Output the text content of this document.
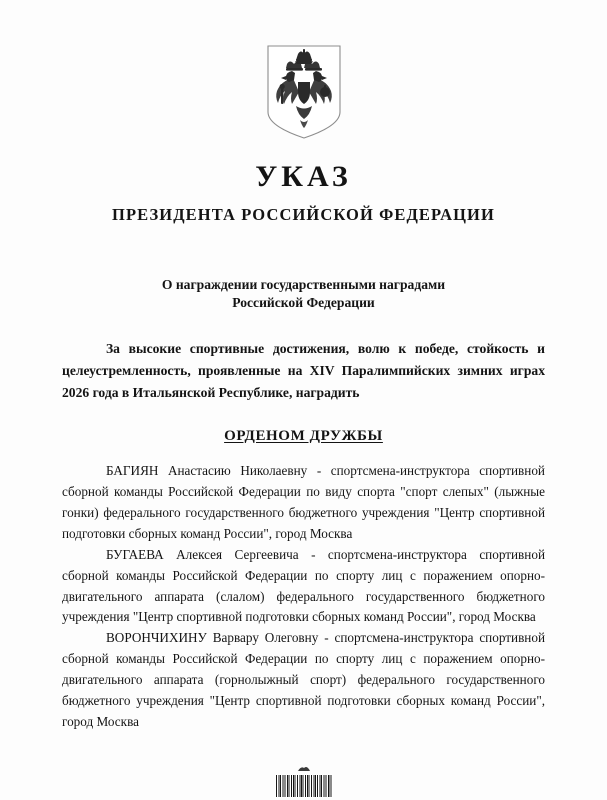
УКАЗ
ПРЕЗИДЕНТА РОССИЙСКОЙ ФЕДЕРАЦИИ
О награждении государственными наградами
Российской Федерации
За высокие спортивные достижения, волю к победе, стойкость и целеустремленность, проявленные на XIV Паралимпийских зимних играх 2026 года в Итальянской Республике, наградить
ОРДЕНОМ ДРУЖБЫ

БАГИЯН Анастасию Николаевну - спортсмена-инструктора спортивной сборной команды Российской Федерации по виду спорта "спорт слепых" (лыжные гонки) федерального государственного бюджетного учреждения "Центр спортивной подготовки сборных команд России", город Москва

БУГАЕВА Алексея Сергеевича - спортсмена-инструктора спортивной сборной команды Российской Федерации по спорту лиц с поражением опорно-двигательного аппарата (слалом) федерального государственного бюджетного учреждения "Центр спортивной подготовки сборных команд России", город Москва

ВОРОНЧИХИНУ Варвару Олеговну - спортсмена-инструктора спортивной сборной команды Российской Федерации по спорту лиц с поражением опорно-двигательного аппарата (горнолыжный спорт) федерального государственного бюджетного учреждения "Центр спортивной подготовки сборных команд России", город Москва
